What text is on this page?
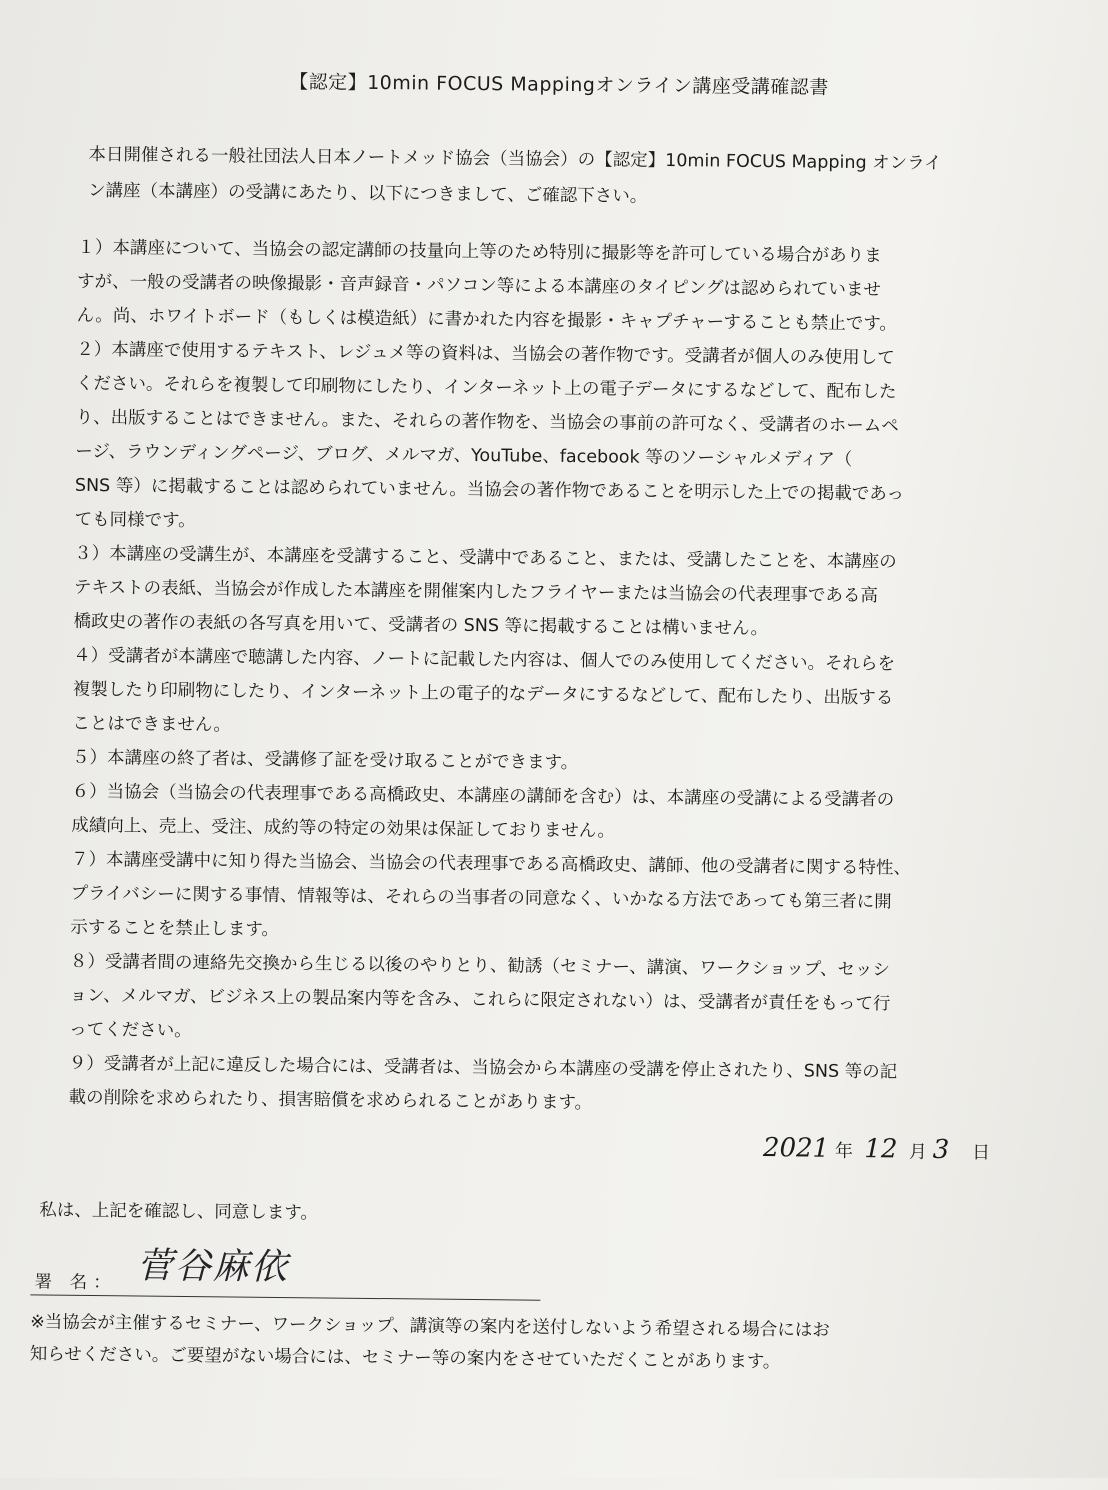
【認定】10min FOCUS Mappingオンライン講座受講確認書
本日開催される一般社団法人日本ノートメッド協会（当協会）の【認定】10min FOCUS Mapping オンライ
ン講座（本講座）の受講にあたり、以下につきまして、ご確認下さい。
１）本講座について、当協会の認定講師の技量向上等のため特別に撮影等を許可している場合がありま
すが、一般の受講者の映像撮影・音声録音・パソコン等による本講座のタイピングは認められていませ
ん。尚、ホワイトボード（もしくは模造紙）に書かれた内容を撮影・キャプチャーすることも禁止です。
２）本講座で使用するテキスト、レジュメ等の資料は、当協会の著作物です。受講者が個人のみ使用して
ください。それらを複製して印刷物にしたり、インターネット上の電子データにするなどして、配布した
り、出版することはできません。また、それらの著作物を、当協会の事前の許可なく、受講者のホームペ
ージ、ラウンディングページ、ブログ、メルマガ、YouTube、facebook 等のソーシャルメディア（
SNS 等）に掲載することは認められていません。当協会の著作物であることを明示した上での掲載であっ
ても同様です。
３）本講座の受講生が、本講座を受講すること、受講中であること、または、受講したことを、本講座の
テキストの表紙、当協会が作成した本講座を開催案内したフライヤーまたは当協会の代表理事である高
橋政史の著作の表紙の各写真を用いて、受講者の SNS 等に掲載することは構いません。
４）受講者が本講座で聴講した内容、ノートに記載した内容は、個人でのみ使用してください。それらを
複製したり印刷物にしたり、インターネット上の電子的なデータにするなどして、配布したり、出版する
ことはできません。
５）本講座の終了者は、受講修了証を受け取ることができます。
６）当協会（当協会の代表理事である高橋政史、本講座の講師を含む）は、本講座の受講による受講者の
成績向上、売上、受注、成約等の特定の効果は保証しておりません。
７）本講座受講中に知り得た当協会、当協会の代表理事である高橋政史、講師、他の受講者に関する特性、
プライバシーに関する事情、情報等は、それらの当事者の同意なく、いかなる方法であっても第三者に開
示することを禁止します。
８）受講者間の連絡先交換から生じる以後のやりとり、勧誘（セミナー、講演、ワークショップ、セッシ
ョン、メルマガ、ビジネス上の製品案内等を含み、これらに限定されない）は、受講者が責任をもって行
ってください。
９）受講者が上記に違反した場合には、受講者は、当協会から本講座の受講を停止されたり、SNS 等の記
載の削除を求められたり、損害賠償を求められることがあります。
2021 年 12 月 3 日
私は、上記を確認し、同意します。
署 名： 菅谷麻依
※当協会が主催するセミナー、ワークショップ、講演等の案内を送付しないよう希望される場合にはお
知らせください。ご要望がない場合には、セミナー等の案内をさせていただくことがあります。
